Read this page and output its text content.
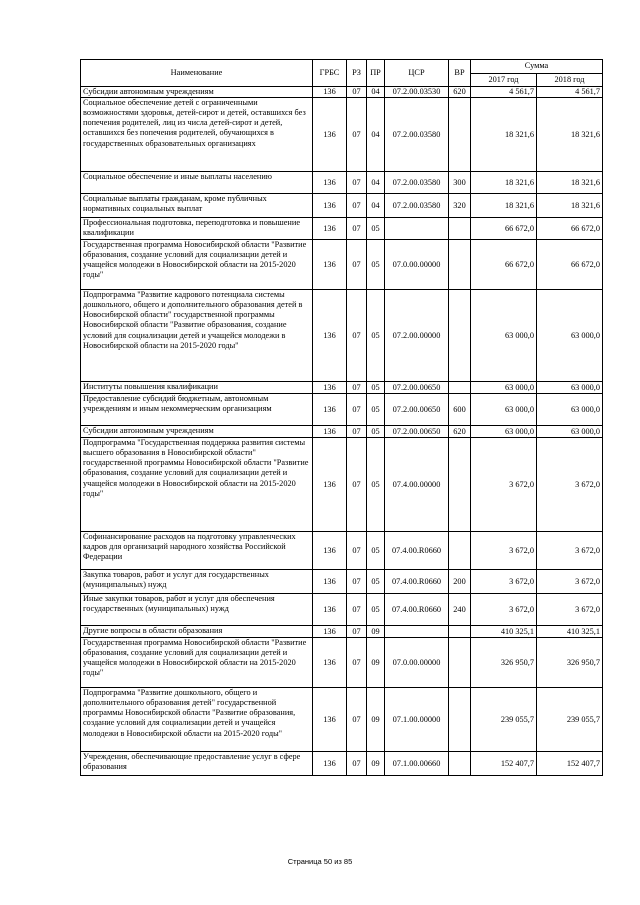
Наименование	ГРБС	РЗ	ПР	ЦСР	ВР	Сумма	
						2017 год	2018 год
Субсидии автономным учреждениям	136	07	04	07.2.00.03530	620	4 561,7	4 561,7
Социальное обеспечение детей с ограниченными возможностями здоровья, детей-сирот и детей, оставшихся без попечения родителей, лиц из числа детей-сирот и детей, оставшихся без попечения родителей, обучающихся в государственных образовательных организациях	136	07	04	07.2.00.03580		18 321,6	18 321,6
Социальное обеспечение и иные выплаты населению	136	07	04	07.2.00.03580	300	18 321,6	18 321,6
Социальные выплаты гражданам, кроме публичных нормативных социальных выплат	136	07	04	07.2.00.03580	320	18 321,6	18 321,6
Профессиональная подготовка, переподготовка и повышение квалификации	136	07	05			66 672,0	66 672,0
Государственная программа Новосибирской области "Развитие образования, создание условий для социализации детей и учащейся молодежи в Новосибирской области на 2015-2020 годы"	136	07	05	07.0.00.00000		66 672,0	66 672,0
Подпрограмма "Развитие кадрового потенциала системы дошкольного, общего и дополнительного образования детей в Новосибирской области" государственной программы Новосибирской области "Развитие образования, создание условий для социализации детей и учащейся молодежи в Новосибирской области на 2015-2020 годы"	136	07	05	07.2.00.00000		63 000,0	63 000,0
Институты повышения квалификации	136	07	05	07.2.00.00650		63 000,0	63 000,0
Предоставление субсидий бюджетным, автономным учреждениям и иным некоммерческим организациям	136	07	05	07.2.00.00650	600	63 000,0	63 000,0
Субсидии автономным учреждениям	136	07	05	07.2.00.00650	620	63 000,0	63 000,0
Подпрограмма "Государственная поддержка развития системы высшего образования в Новосибирской области" государственной программы Новосибирской области "Развитие образования, создание условий для социализации детей и учащейся молодежи в Новосибирской области на 2015-2020 годы"	136	07	05	07.4.00.00000		3 672,0	3 672,0
Софинансирование расходов на подготовку управленческих кадров для организаций народного хозяйства Российской Федерации	136	07	05	07.4.00.R0660		3 672,0	3 672,0
Закупка товаров, работ и услуг для государственных (муниципальных) нужд	136	07	05	07.4.00.R0660	200	3 672,0	3 672,0
Иные закупки товаров, работ и услуг для обеспечения государственных (муниципальных) нужд	136	07	05	07.4.00.R0660	240	3 672,0	3 672,0
Другие вопросы в области образования	136	07	09			410 325,1	410 325,1
Государственная программа Новосибирской области "Развитие образования, создание условий для социализации детей и учащейся молодежи в Новосибирской области на 2015-2020 годы"	136	07	09	07.0.00.00000		326 950,7	326 950,7
Подпрограмма "Развитие дошкольного, общего и дополнительного образования детей" государственной программы Новосибирской области "Развитие образования, создание условий для социализации детей и учащейся молодежи в Новосибирской области на 2015-2020 годы"	136	07	09	07.1.00.00000		239 055,7	239 055,7
Учреждения, обеспечивающие предоставление услуг в сфере образования	136	07	09	07.1.00.00660		152 407,7	152 407,7
Страница 50 из 85
